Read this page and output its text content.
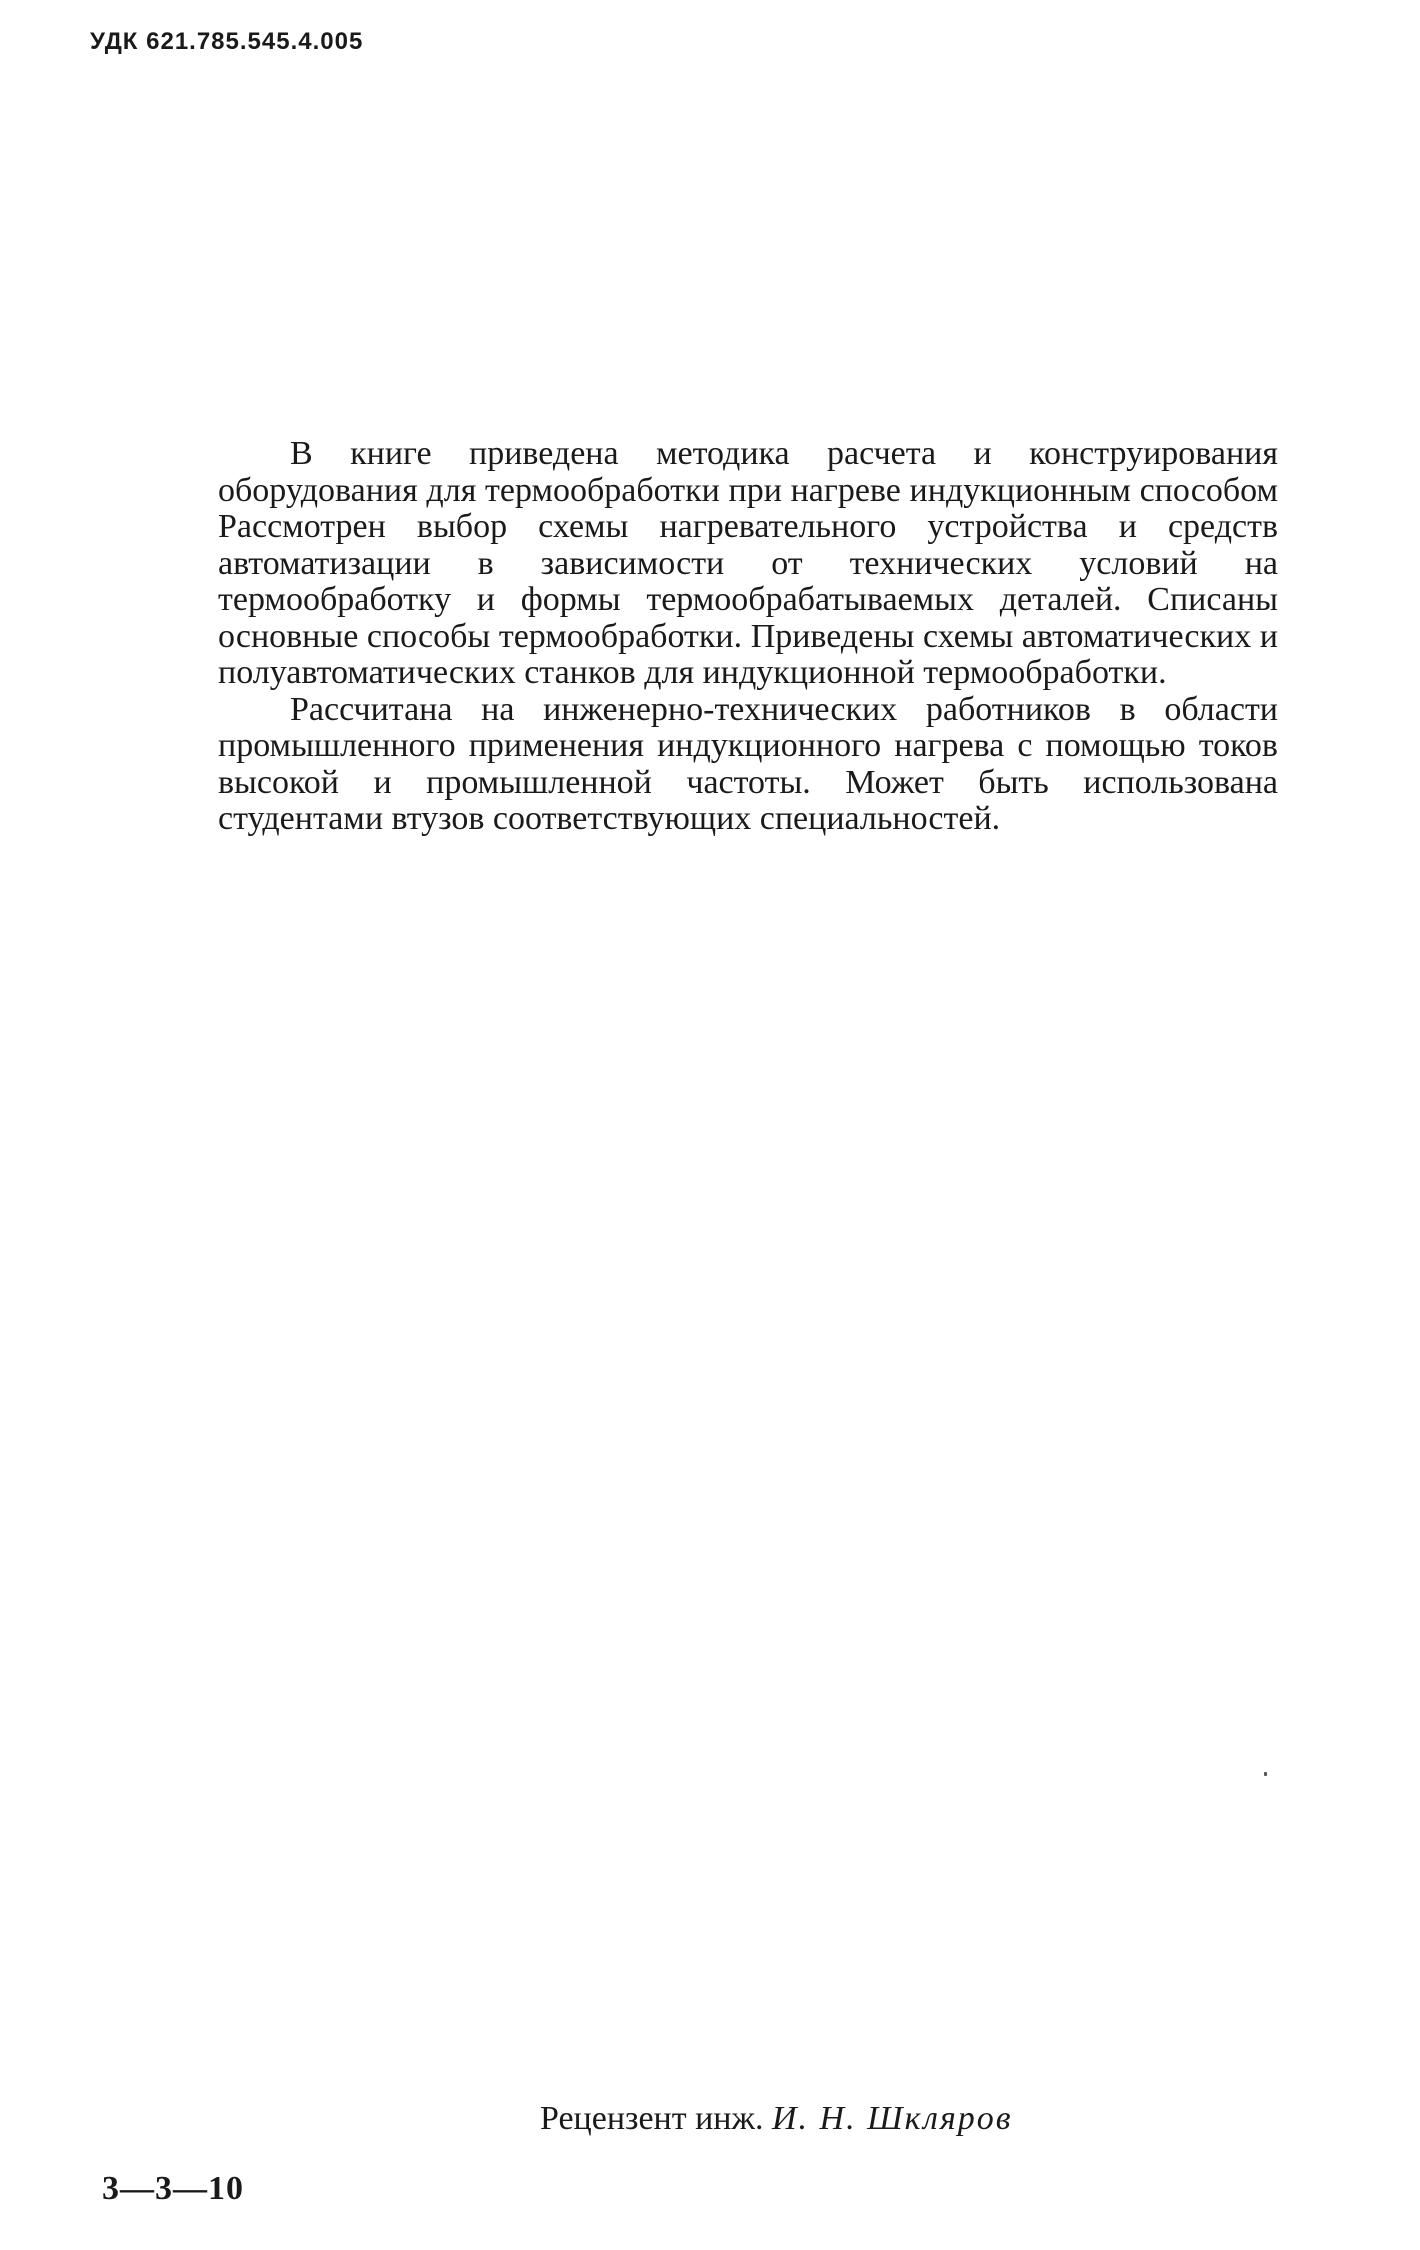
УДК 621.785.545.4.005

В книге приведена методика расчета и конструирования оборудования для термообработки при нагреве индукционным способом Рассмотрен выбор схемы нагревательного устройства и средств автоматизации в зависимости от технических условий на термообработку и формы термообрабатываемых деталей. Списаны основные способы термообработки. Приведены схемы автоматических и полуавтоматических станков для индукционной термообработки.

Рассчитана на инженерно-технических работников в области промышленного применения индукционного нагрева с помощью токов высокой и промышленной частоты. Может быть использована студентами втузов соответствующих специальностей.

Рецензент инж. И. Н. Шкляров
3—3—10
